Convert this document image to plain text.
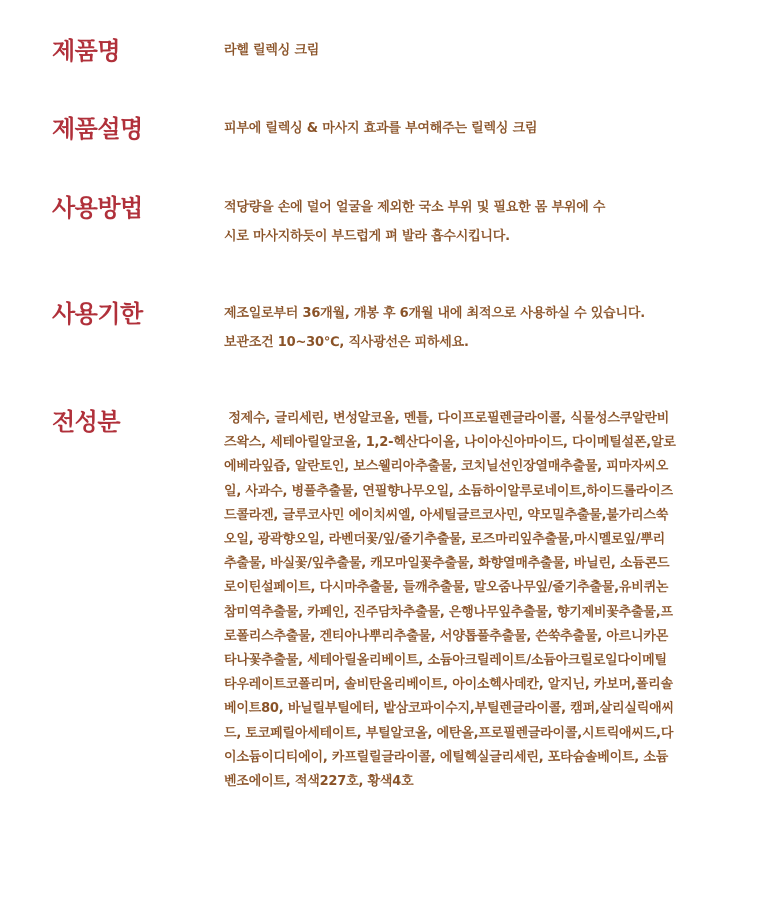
제품명	라헬 릴렉싱 크림
제품설명	피부에 릴렉싱 & 마사지 효과를 부여해주는 릴렉싱 크림
사용방법	적당량을 손에 덜어 얼굴을 제외한 국소 부위 및 필요한 몸 부위에 수
시로 마사지하듯이 부드럽게 펴 발라 흡수시킵니다.
사용기한	제조일로부터 36개월, 개봉 후 6개월 내에 최적으로 사용하실 수 있습니다.
보관조건 10~30℃, 직사광선은 피하세요.
전성분	정제수, 글리세린, 변성알코올, 멘틀, 다이프로필렌글라이콜, 식물성스쿠알란비
즈왁스, 세테아릴알코올, 1,2-헥산다이올, 나이아신아마이드, 다이메틸설폰,알로
에베라잎즙, 알란토인, 보스웰리아추출물, 코치닐선인장열매추출물, 피마자씨오
일, 사과수, 병풀추출물, 연필향나무오일, 소듐하이알루로네이트,하이드롤라이즈
드콜라겐, 글루코사민 에이치씨엘, 아세틸글르코사민, 약모밀추출물,불가리스쑥
오일, 광곽향오일, 라벤더꽃/잎/줄기추출물, 로즈마리잎추출물,마시멜로잎/뿌리
추출물, 바실꽃/잎추출물, 캐모마일꽃추출물, 화향열매추출물, 바닐린, 소듐콘드
로이틴설페이트, 다시마추출물, 들깨추출물, 말오줌나무잎/줄기추출물,유비퀴논
참미역추출물, 카페인, 진주담차추출물, 은행나무잎추출물, 향기제비꽃추출물,프
로폴리스추출물, 겐티아나뿌리추출물, 서양톱풀추출물, 쓴쑥추출물, 아르니카몬
타나꽃추출물, 세테아릴올리베이트, 소듐아크릴레이트/소듐아크릴로일다이메틸
타우레이트코폴리머, 솔비탄올리베이트, 아이소헥사데칸, 알지닌, 카보머,폴리솔
베이트80, 바닐릴부틸에터, 밭삼코파이수지,부틸렌글라이콜, 캠퍼,살리실릭애씨
드, 토코페릴아세테이트, 부틸알코올, 에탄올,프로필렌글라이콜,시트릭애씨드,다
이소듐이디티에이, 카프릴릴글라이콜, 에틸헥실글리세린, 포타슘솔베이트, 소듐
벤조에이트, 적색227호, 황색4호
